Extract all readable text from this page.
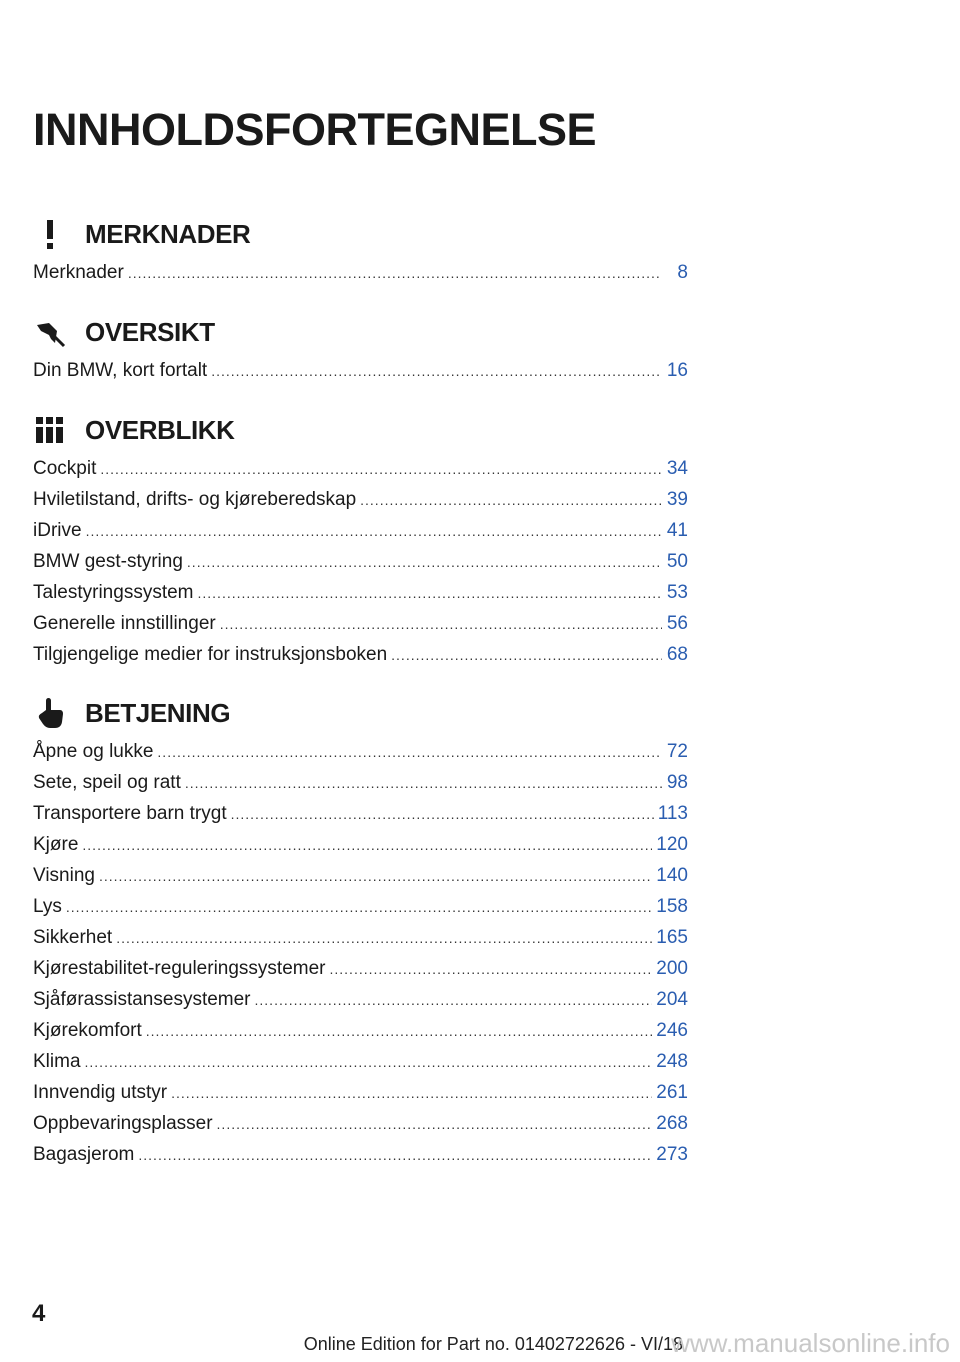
INNHOLDSFORTEGNELSE
MERKNADER
Merknader .....	8
OVERSIKT
Din BMW, kort fortalt .....	16
OVERBLIKK
Cockpit .....	34
Hviletilstand, drifts- og kjøreberedskap .....	39
iDrive .....	41
BMW gest-styring .....	50
Talestyringssystem .....	53
Generelle innstillinger .....	56
Tilgjengelige medier for instruksjonsboken .....	68
BETJENING
Åpne og lukke .....	72
Sete, speil og ratt .....	98
Transportere barn trygt .....	113
Kjøre .....	120
Visning .....	140
Lys .....	158
Sikkerhet .....	165
Kjørestabilitet-reguleringssystemer .....	200
Sjåførassistansesystemer .....	204
Kjørekomfort .....	246
Klima .....	248
Innvendig utstyr .....	261
Oppbevaringsplasser .....	268
Bagasjerom .....	273
4
Online Edition for Part no. 01402722626 - VI/18
www.manualsonline.info
